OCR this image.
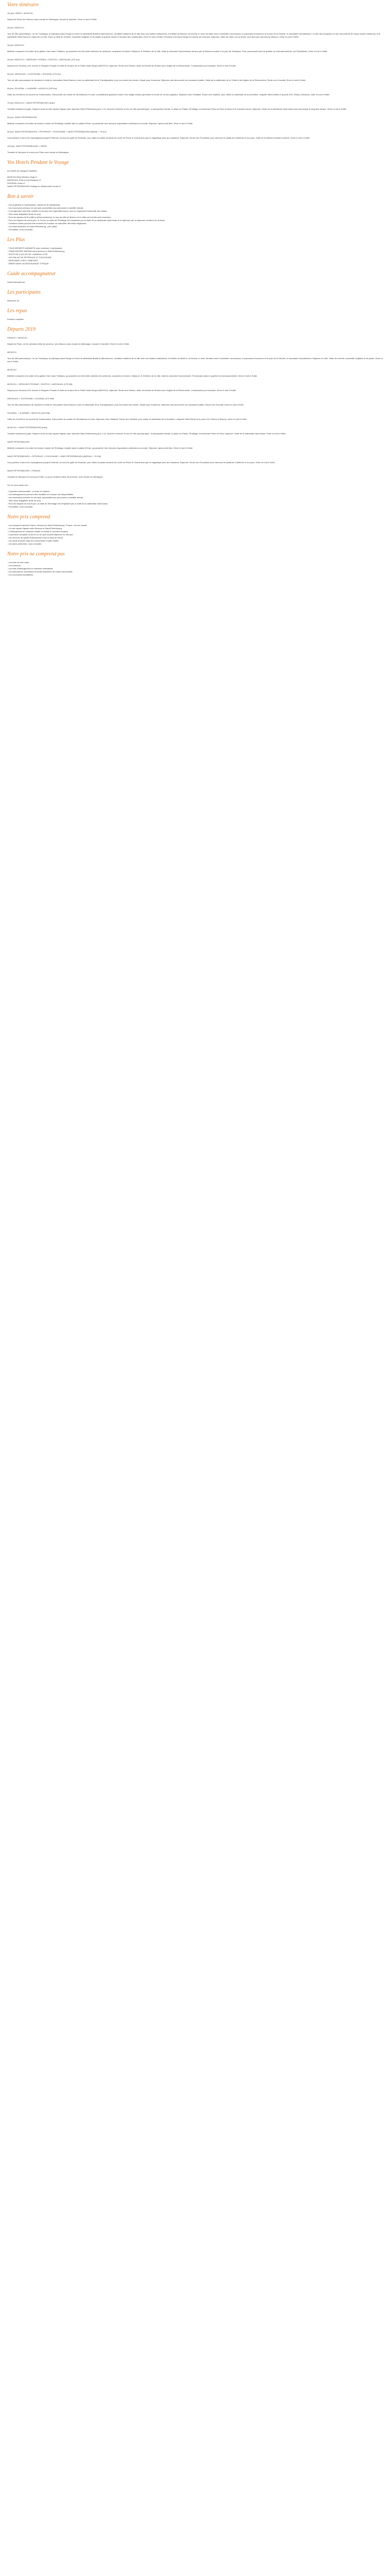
Votre itinéraire
1er jour: PARIS > MOSCOU
Départ de Paris vers Moscou avec escale en Allemagne. Accueil et transfert. Dîner et nuit à l'hôtel.
2è jour: MOSCOU
Tour de ville panoramique : la rue Tverskaya, la mythique place Rouge où trône la cathédrale Basile-le-Bienheureux, véritable emblème de la ville avec ses bulbes multicolores, le théâtre du Bolchoï, la Douma, le mont Vorobiev avec l'université Lomonossov, le panorama Koutouzov et le parc de la Victoire, le monastère Novodievitchi. Le site des mosquées et des monuments de Kazan (visite extérieure) et la cathédrale Saint-Sauveur. Déjeuner en ville. Dans la visite du Kremlin, ensemble d'églises et de palais, la grande cloche et la place des Cathédrales. Dîner et nuit à l'hôtel. Excursion à la place Rouge et marché de Golovine. Déjeuner, visite du métro, la rue Arbat, l'une des plus connues de Moscou. Dîner et nuit à l'hôtel.
3è jour: MOSCOU
Matinée consacrée à la visite de la galerie d'art russe Tretiakov, qui possède une très belle collection de peintures, sculptures et icônes. Déjeuner. À l'intérieur de la ville, visite du domaine Kolomenskoïe devenu par la Réserve-musée et le parc de Tsaritsyno. Puis, promenade dans le quartier de Zamoskvoretchie, rue Piatnitskaïa. Dîner et nuit à l'hôtel.
4è jour: MOSCOU > SERGUIEV POSSAD > ROSTOV > IAROSLAVL (270 km)
Départ pour l'Anneau d'Or. Arrivée à Serguiev Possad et visite de la laure de la Trinité-Saint-Serge (UNESCO). Déjeuner. Route vers Rostov, visite du kremlin de Rostov avec l'église de la Résurrection. Continuation pour Iaroslavl. Dîner et nuit à l'hôtel.
5è jour: IAROSLAVL > KOSTROMA > SOUZDAL (270 km)
Tour de ville panoramique de Iaroslavl et visite du monastère Saint-Sauveur, avec la cathédrale de la Transfiguration, puis du musée des icônes. Départ pour Kostroma. Déjeuner puis découverte du monastère Ipatiev. Visite de la cathédrale de la Trinité et de l'église de la Résurrection. Route vers Souzdal. Dîner et nuit à l'hôtel.
6è jour: SOUZDAL > VLADIMIR > MOSCOU (225 km)
Visite du Kremlin et du couvent de l'Intercession. Découverte du musée de l'Architecture en bois, reconstitution grandeur nature d'un village d'antan qui illustre le mode de vie des paysans. Déjeuner chez l'habitant. Route vers Vladimir, pour visiter la cathédrale de la Dormition, chapelle Saint-Dimitri et la porte d'Or. Retour à Moscou, dîner et nuit à l'hôtel.
7è jour: MOSCOU > SAINT-PÉTERSBOURG (train)
Transfert matinal à la gare. Départ à bord du train rapide Sapsan pour rejoindre Saint-Pétersbourg (env. 4 h). Accueil à l'arrivée et tour de ville panoramique : la perspective Nevski, la place du Palais, l'Ermitage, la forteresse Pierre-et-Paul, la Neva et le cuirassé Aurore. Déjeuner. Visite de la cathédrale Saint-Isaac puis promenade le long des canaux. Dîner et nuit à l'hôtel.
8è jour: SAINT-PÉTERSBOURG
Matinée consacrée à la visite du fameux musée de l'Ermitage, installé dans le palais d'Hiver, qui possède l'une des plus importantes collections au monde. Déjeuner. Après-midi libre. Dîner et nuit à l'hôtel.
9è jour: SAINT-PÉTERSBOURG > PETERHOF > POUCHKINE > SAINT-PÉTERSBOURG (bateau + 70 km)
Vous partirez à bord d'un hydroglisseur jusqu'à Peterhof, au bord du golfe de Finlande, pour visiter le palais construit sur ordre de Pierre le Grand ainsi que le magnifique parc aux fontaines. Déjeuner. Route vers Pouchkine pour découvrir le palais de Catherine et son parc, visite de la célèbre chambre d'ambre. Dîner et nuit à l'hôtel.
10è jour: SAINT-PÉTERSBOURG > PARIS
Transfert à l'aéroport et envol pour Paris avec escale en Allemagne.
Vos Hotels Pendant le Voyage
(ou hôtels de catégorie similaire)
MOSCOU Best Western Vega 4*
IAROSLAVL Park Inn by Radisson 4*
SOUZDAL Sokol 4*
SAINT-PÉTERSBOURG Holiday Inn Moskovskie Vorota 4*
Bon à savoir
- Circuit garanti à 2 participants, maximum 30 participants.
- Les excursions prévues ne sont pas accessibles aux personnes à mobilité réduite.
- Le programme peut être modifié en fonction des impératifs locaux, tout en respectant l'ensemble des visites.
- Visa russe obligatoire (frais en sus).
- Pour les départs de fin juillet à début septembre, le tour de ville de Moscou et la visite du Kremlin sont inversées.
- Pour les départs de mai et juin, le 7è jour, la visite de l'Ermitage est remplacée par la visite de la cathédrale Saint-Isaac et le déjeuner par un déjeuner-croisière sur la Neva.
- Certaines visites peuvent être fermées en fonction du calendrier des fêtes religieuses.
- Les Nuits blanches de Saint-Pétersbourg : juin, juillet.
- Formalités, nous consulter.
Les Plus
- TOUS DÉPARTS GARANTIS avec minimum 2 participants
- TRAIN RAPIDE SAPSAN entre Moscou et Saint-Pétersbourg
- VISITE DE 3 VILLES DE L'ANNEAU D'OR
- LES PALAIS DE PETERHOF ET POUCHKINE
- DÉJEUNER CHEZ L'HABITANT
- DÎNER DANS UN RESTAURANT TYPIQUE
Guide accompagnateur
Guide francophone.
Les participants
Maximum 30
Les repas
Pension complète
Départs 2019
FRANCE > MOSCOU
Départ de Paris, vol de certaines villes de province, vers Moscou avec escale en Allemagne. Accueil et transfert. Dîner et nuit à l'hôtel.
MOSCOU
Tour de ville panoramique : la rue Tverskaya, la mythique place Rouge où trône la cathédrale Basile-le-Bienheureux, véritable emblème de la ville avec ses bulbes multicolores, le théâtre du Bolchoï, la Douma, le mont Vorobiev avec l'université Lomonossov, le panorama Koutouzov et le parc de la Victoire, le monastère Novodievitchi. Déjeuner en ville. Visite du Kremlin, ensemble d'églises et de palais. Dîner et nuit à l'hôtel.
MOSCOU
Matinée consacrée à la visite de la galerie d'art russe Tretiakov, qui possède une très belle collection de peintures, sculptures et icônes. Déjeuner. À l'intérieur de la ville, visite du domaine Kolomenskoïe. Promenade dans le quartier de Zamoskvoretchie. Dîner et nuit à l'hôtel.
MOSCOU > SERGUIEV POSSAD > ROSTOV > IAROSLAVL (270 KM)
Départ pour l'Anneau d'Or. Arrivée à Serguiev Possad et visite de la laure de la Trinité-Saint-Serge (UNESCO). Déjeuner. Route vers Rostov, visite du kremlin de Rostov avec l'église de la Résurrection. Continuation pour Iaroslavl. Dîner et nuit à l'hôtel.
IAROSLAVL > KOSTROMA > SOUZDAL (270 KM)
Tour de ville panoramique de Iaroslavl et visite du monastère Saint-Sauveur, avec la cathédrale de la Transfiguration, puis du musée des icônes. Départ pour Kostroma. Déjeuner puis découverte du monastère Ipatiev. Route vers Souzdal. Dîner et nuit à l'hôtel.
SOUZDAL > VLADIMIR > MOSCOU (225 KM)
Visite du Kremlin et du couvent de l'Intercession. Découverte du musée de l'Architecture en bois. Déjeuner chez l'habitant. Route vers Vladimir, pour visiter la cathédrale de la Dormition, chapelle Saint-Dimitri et la porte d'Or. Retour à Moscou, dîner et nuit à l'hôtel.
MOSCOU > SAINT-PÉTERSBOURG (train)
Transfert matinal à la gare. Départ à bord du train rapide Sapsan pour rejoindre Saint-Pétersbourg (env. 4 h). Accueil à l'arrivée et tour de ville panoramique : la perspective Nevski, la place du Palais, l'Ermitage, la forteresse Pierre-et-Paul. Déjeuner. Visite de la cathédrale Saint-Isaac. Dîner et nuit à l'hôtel.
SAINT-PÉTERSBOURG
Matinée consacrée à la visite du fameux musée de l'Ermitage, installé dans le palais d'Hiver, qui possède l'une des plus importantes collections au monde. Déjeuner. Après-midi libre. Dîner et nuit à l'hôtel.
SAINT-PÉTERSBOURG > PETERHOF > POUCHKINE > SAINT-PÉTERSBOURG (BATEAU + 70 KM)
Vous partirez à bord d'un hydroglisseur jusqu'à Peterhof, au bord du golfe de Finlande, pour visiter le palais construit sur ordre de Pierre le Grand ainsi que le magnifique parc aux fontaines. Déjeuner. Route vers Pouchkine pour découvrir le palais de Catherine et son parc. Dîner et nuit à l'hôtel.
SAINT-PÉTERSBOURG > FRANCE
Transfert à l'aéroport et envol pour Paris, ou pour certaines villes de province, avec escale en Allemagne.
On ne vous cache rien :
- 2 grandes transversales : en train, en bateau.
- Les hébergements pourront être modifiés en fonction des disponibilités.
- Les excursions prévues ne sont pas accessibles aux personnes à mobilité réduite.
- Visa russe obligatoire (frais en sus).
- Pour les départs de mai et juin, la visite de l'Ermitage est remplacée par la visite de la cathédrale Saint-Isaac.
- Formalités, nous consulter.
Notre prix comprend
- Les transports aériens France / Moscou et Saint-Pétersbourg / France, via une escale.
- Le train rapide Sapsan entre Moscou et Saint-Pétersbourg.
- L'hébergement en chambre double en hôtels 4* (normes locales).
- La pension complète du dîner du 1er jour au petit déjeuner du 10è jour.
- Les services de guides francophones tout au long du circuit.
- Les droits d'entrée dans les monuments et sites visités.
- Les taxes aériennes, nous consulter.
Notre prix ne comprend pas
- Les frais de visa russe.
- Les boissons.
- Les frais d'hébergement en chambre individuelle.
- Les assurances, pourboires et toutes dépenses de nature personnelle.
- Les excursions facultatives.
